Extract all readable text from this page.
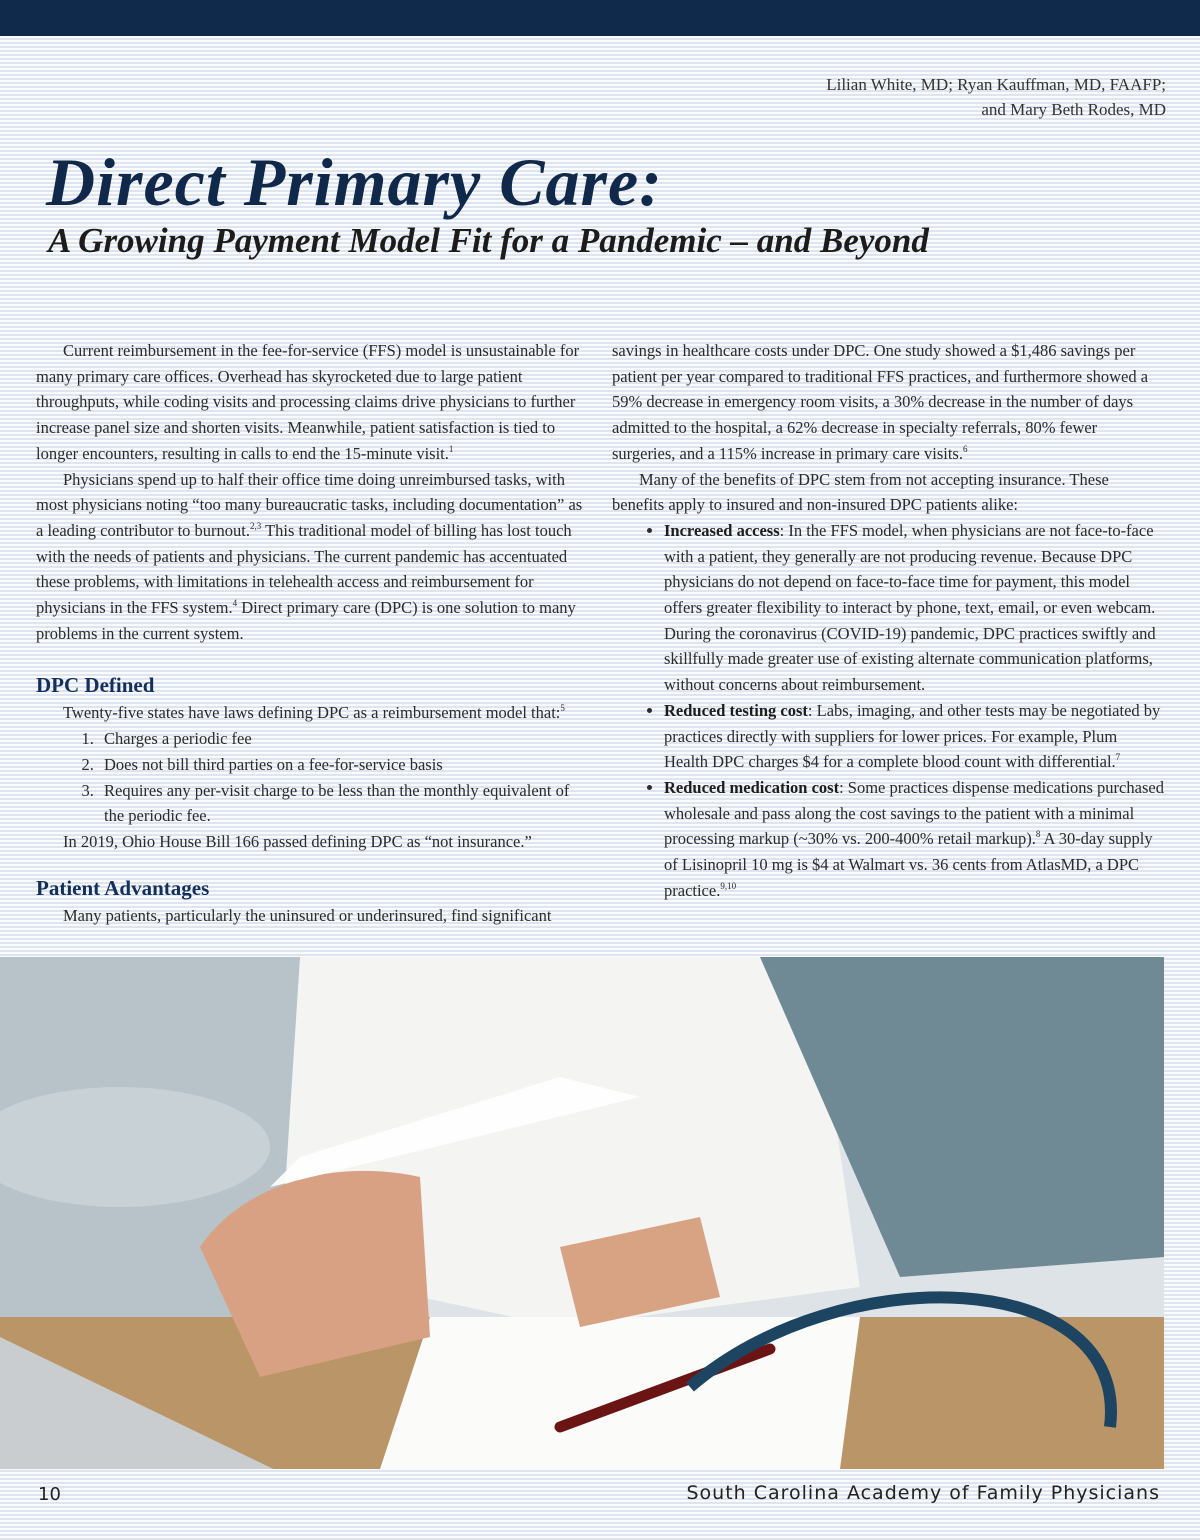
Lilian White, MD; Ryan Kauffman, MD, FAAFP;
and Mary Beth Rodes, MD
Direct Primary Care:
A Growing Payment Model Fit for a Pandemic – and Beyond

Current reimbursement in the fee-for-service (FFS) model is unsustainable for many primary care offices. Overhead has skyrocketed due to large patient throughputs, while coding visits and processing claims drive physicians to further increase panel size and shorten visits. Meanwhile, patient satisfaction is tied to longer encounters, resulting in calls to end the 15-minute visit.$^1$

Physicians spend up to half their office time doing unreimbursed tasks, with most physicians noting “too many bureaucratic tasks, including documentation” as a leading contributor to burnout.$^{2,3}$ This traditional model of billing has lost touch with the needs of patients and physicians. The current pandemic has accentuated these problems, with limitations in telehealth access and reimbursement for physicians in the FFS system.$^4$ Direct primary care (DPC) is one solution to many problems in the current system.

DPC Defined

Twenty-five states have laws defining DPC as a reimbursement model that:$^5$

1. Charges a periodic fee
2. Does not bill third parties on a fee-for-service basis
3. Requires any per-visit charge to be less than the monthly equivalent of the periodic fee.

In 2019, Ohio House Bill 166 passed defining DPC as “not insurance.”

Patient Advantages

Many patients, particularly the uninsured or underinsured, find significant

savings in healthcare costs under DPC. One study showed a $1,486 savings per patient per year compared to traditional FFS practices, and furthermore showed a 59% decrease in emergency room visits, a 30% decrease in the number of days admitted to the hospital, a 62% decrease in specialty referrals, 80% fewer surgeries, and a 115% increase in primary care visits.$^6$

Many of the benefits of DPC stem from not accepting insurance. These benefits apply to insured and non-insured DPC patients alike:

• Increased access: In the FFS model, when physicians are not face-to-face with a patient, they generally are not producing revenue. Because DPC physicians do not depend on face-to-face time for payment, this model offers greater flexibility to interact by phone, text, email, or even webcam. During the coronavirus (COVID-19) pandemic, DPC practices swiftly and skillfully made greater use of existing alternate communication platforms, without concerns about reimbursement.
• Reduced testing cost: Labs, imaging, and other tests may be negotiated by practices directly with suppliers for lower prices. For example, Plum Health DPC charges $4 for a complete blood count with differential.$^7$
• Reduced medication cost: Some practices dispense medications purchased wholesale and pass along the cost savings to the patient with a minimal processing markup (~30% vs. 200-400% retail markup).$^8$ A 30-day supply of Lisinopril 10 mg is $4 at Walmart vs. 36 cents from AtlasMD, a DPC practice.$^{9,10}$
10	South Carolina Academy of Family Physicians
